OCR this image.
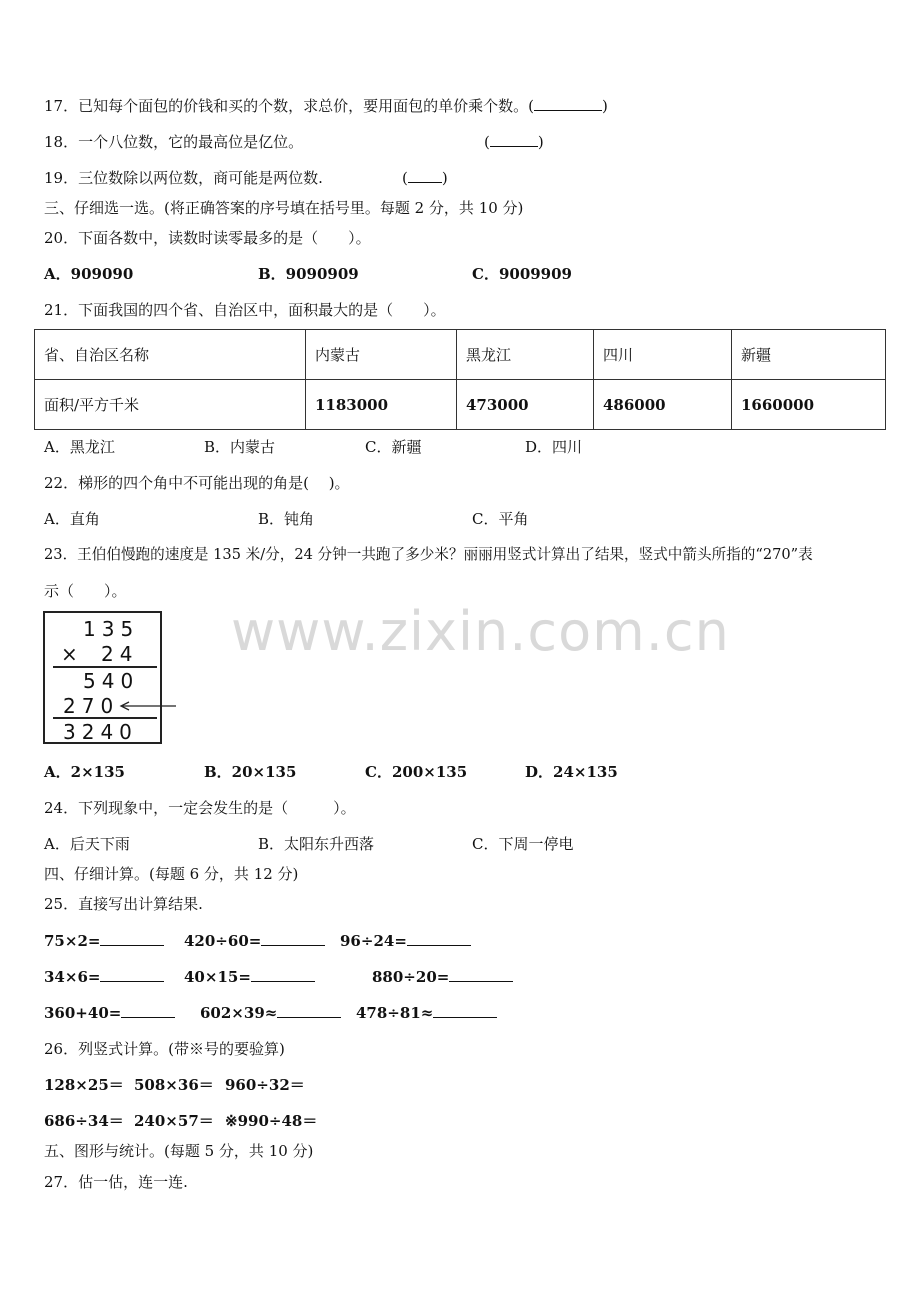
www.zixin.com.cn
17．已知每个面包的价钱和买的个数，求总价，要用面包的单价乘个数。(	)
18．一个八位数，它的最高位是亿位。	(	)
19．三位数除以两位数，商可能是两位数.	( )
三、仔细选一选。(将正确答案的序号填在括号里。每题 2 分，共 10 分)
20．下面各数中，读数时读零最多的是（　　）。
A．909090	B．9090909	C．9009909
21．下面我国的四个省、自治区中，面积最大的是（　　）。
省、自治区名称	内蒙古	黑龙江	四川	新疆
面积/平方千米	1183000	473000	486000	1660000
A．黑龙江	B．内蒙古	C．新疆	D．四川
22．梯形的四个角中不可能出现的角是(　 )。
A．直角	B．钝角	C．平角
23．王伯伯慢跑的速度是 135 米/分，24 分钟一共跑了多少米？丽丽用竖式计算出了结果，竖式中箭头所指的“270”表
示（　　）。
135
× 24
540
270
3240
A．2×135	B．20×135	C．200×135	D．24×135
24．下列现象中，一定会发生的是（　　　）。
A．后天下雨	B．太阳东升西落	C．下周一停电
四、仔细计算。(每题 6 分，共 12 分)
25．直接写出计算结果.
75×2=	420÷60=	96÷24=
34×6=	40×15=	880÷20=
360+40=	602×39≈	478÷81≈
26．列竖式计算。(带※号的要验算)
128×25＝ 508×36＝ 960÷32＝
686÷34＝ 240×57＝ ※990÷48＝
五、图形与统计。(每题 5 分，共 10 分)
27．估一估，连一连.
